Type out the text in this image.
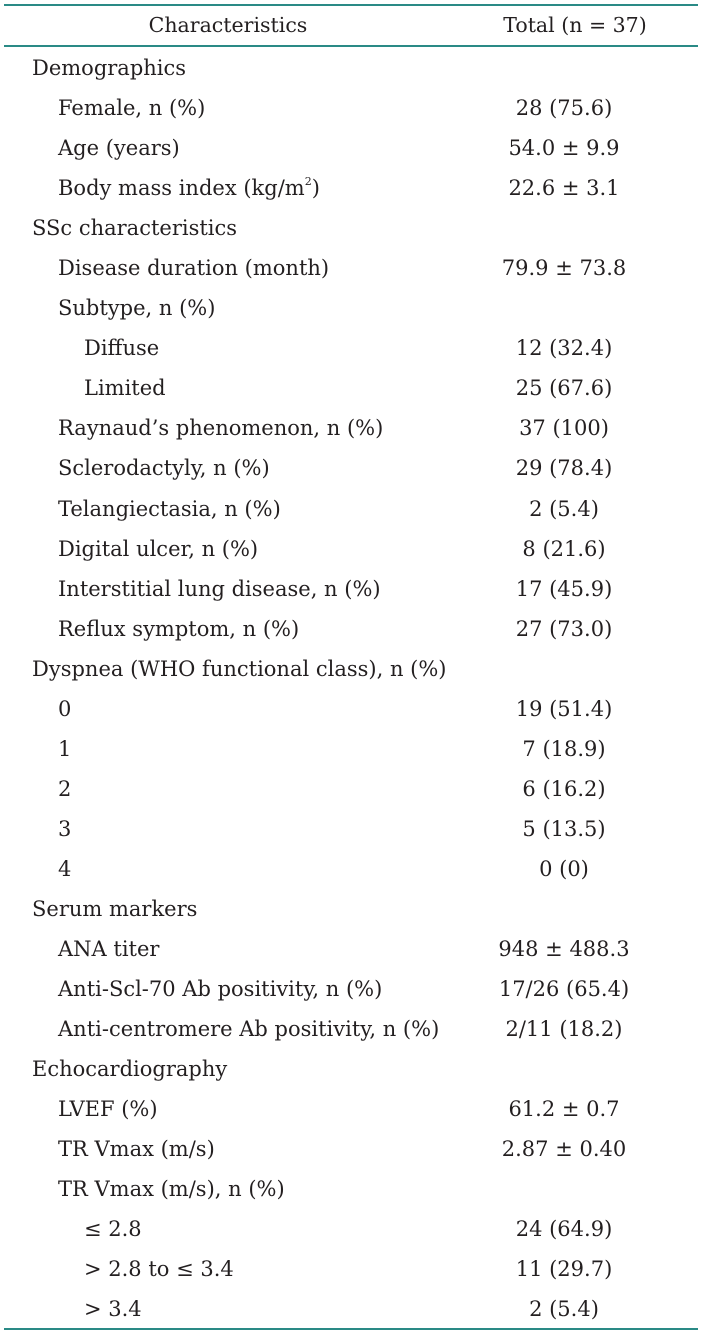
Characteristics	Total (n = 37)
Demographics
Female, n (%)	28 (75.6)
Age (years)	54.0 ± 9.9
Body mass index $(kg/m^2)$	22.6 ± 3.1
SSc characteristics
Disease duration (month)	79.9 ± 73.8
Subtype, n (%)
Diffuse	12 (32.4)
Limited	25 (67.6)
Raynaud’s phenomenon, n (%)	37 (100)
Sclerodactyly, n (%)	29 (78.4)
Telangiectasia, n (%)	2 (5.4)
Digital ulcer, n (%)	8 (21.6)
Interstitial lung disease, n (%)	17 (45.9)
Reflux symptom, n (%)	27 (73.0)
Dyspnea (WHO functional class), n (%)
0	19 (51.4)
1	7 (18.9)
2	6 (16.2)
3	5 (13.5)
4	0 (0)
Serum markers
ANA titer	948 ± 488.3
Anti-Scl-70 Ab positivity, n (%)	17/26 (65.4)
Anti-centromere Ab positivity, n (%)	2/11 (18.2)
Echocardiography
LVEF (%)	61.2 ± 0.7
TR Vmax (m/s)	2.87 ± 0.40
TR Vmax (m/s), n (%)
≤ 2.8	24 (64.9)
> 2.8 to ≤ 3.4	11 (29.7)
> 3.4	2 (5.4)
